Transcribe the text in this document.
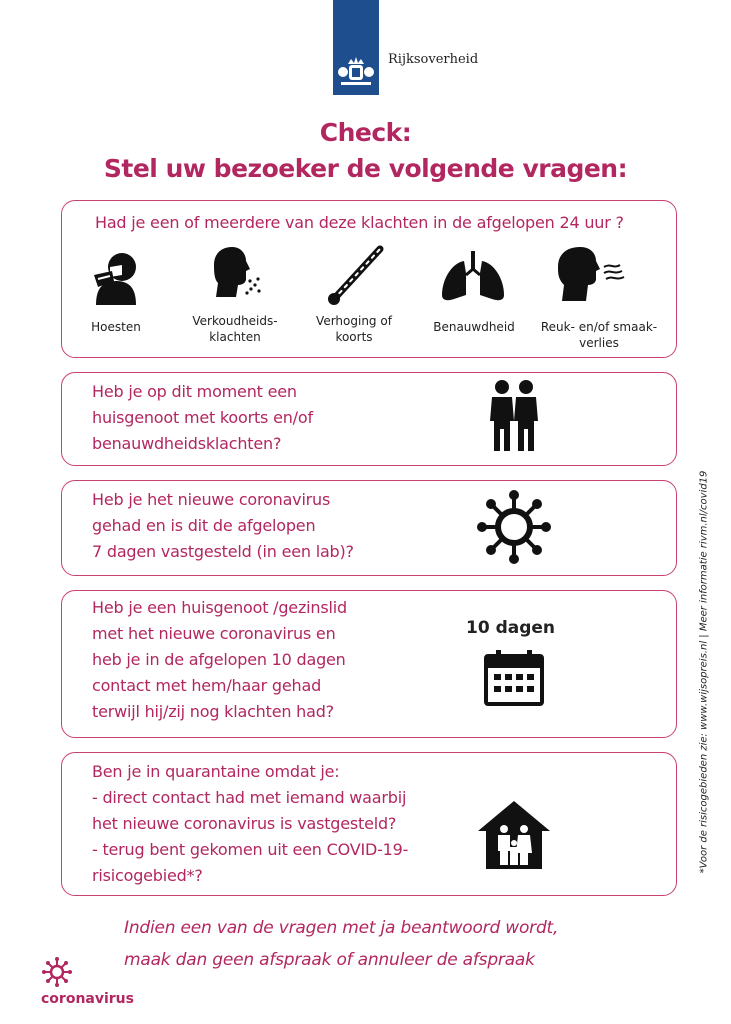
Rijksoverheid
Check:
Stel uw bezoeker de volgende vragen:
Had je een of meerdere van deze klachten in de afgelopen 24 uur ?
Hoesten	Verkoudheids-
klachten
Verhoging of
koorts
Benauwdheid	Reuk- en/of smaak-
verlies
Heb je op dit moment een
huisgenoot met koorts en/of
benauwdheidsklachten?
Heb je het nieuwe coronavirus
gehad en is dit de afgelopen
7 dagen vastgesteld (in een lab)?
Heb je een huisgenoot /gezinslid
met het nieuwe coronavirus en
heb je in de afgelopen 10 dagen
contact met hem/haar gehad
terwijl hij/zij nog klachten had?
10 dagen
Ben je in quarantaine omdat je:
- direct contact had met iemand waarbij
het nieuwe coronavirus is vastgesteld?
- terug bent gekomen uit een COVID-19-
risicogebied*?
*Voor de risicogebieden zie: www.wijsopreis.nl | Meer informatie rivm.nl/covid19
Indien een van de vragen met ja beantwoord wordt,
maak dan geen afspraak of annuleer de afspraak
coronavirus
